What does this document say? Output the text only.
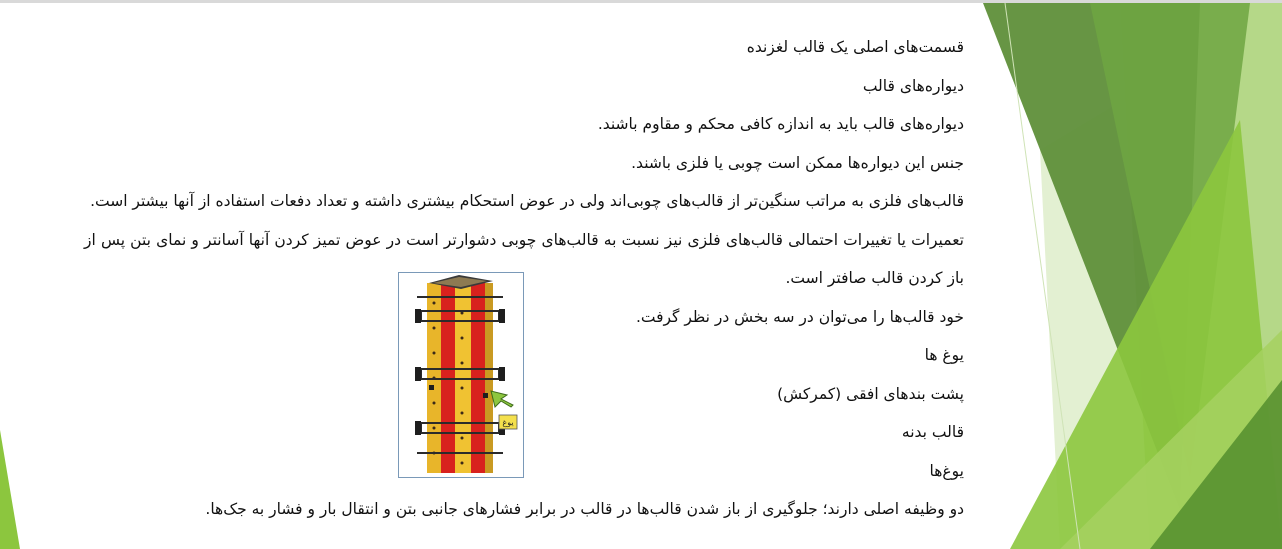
قسمت‌های اصلی یک قالب لغزنده
دیواره‌های قالب
دیواره‌های قالب باید به اندازه کافی محکم و مقاوم باشند.
جنس این دیواره‌ها ممکن است چوبی یا فلزی باشند.
قالب‌های فلزی به مراتب سنگین‌تر از قالب‌های چوبی‌اند ولی در عوض استحکام بیشتری داشته و تعداد دفعات استفاده از آنها بیشتر است.
تعمیرات یا تغییرات احتمالی قالب‌های فلزی نیز نسبت به قالب‌های چوبی دشوارتر است در عوض تمیز کردن آنها آسانتر و نمای بتن پس از باز کردن قالب صافتر است.
خود قالب‌ها را می‌توان در سه بخش در نظر گرفت.
یوغ ها
پشت بندهای افقی (کمرکش)
قالب بدنه
یوغ‌ها
دو وظیفه اصلی دارند؛ جلوگیری از باز شدن قالب‌ها در قالب در برابر فشارهای جانبی بتن و انتقال بار و فشار به جک‌ها.
یوغ
